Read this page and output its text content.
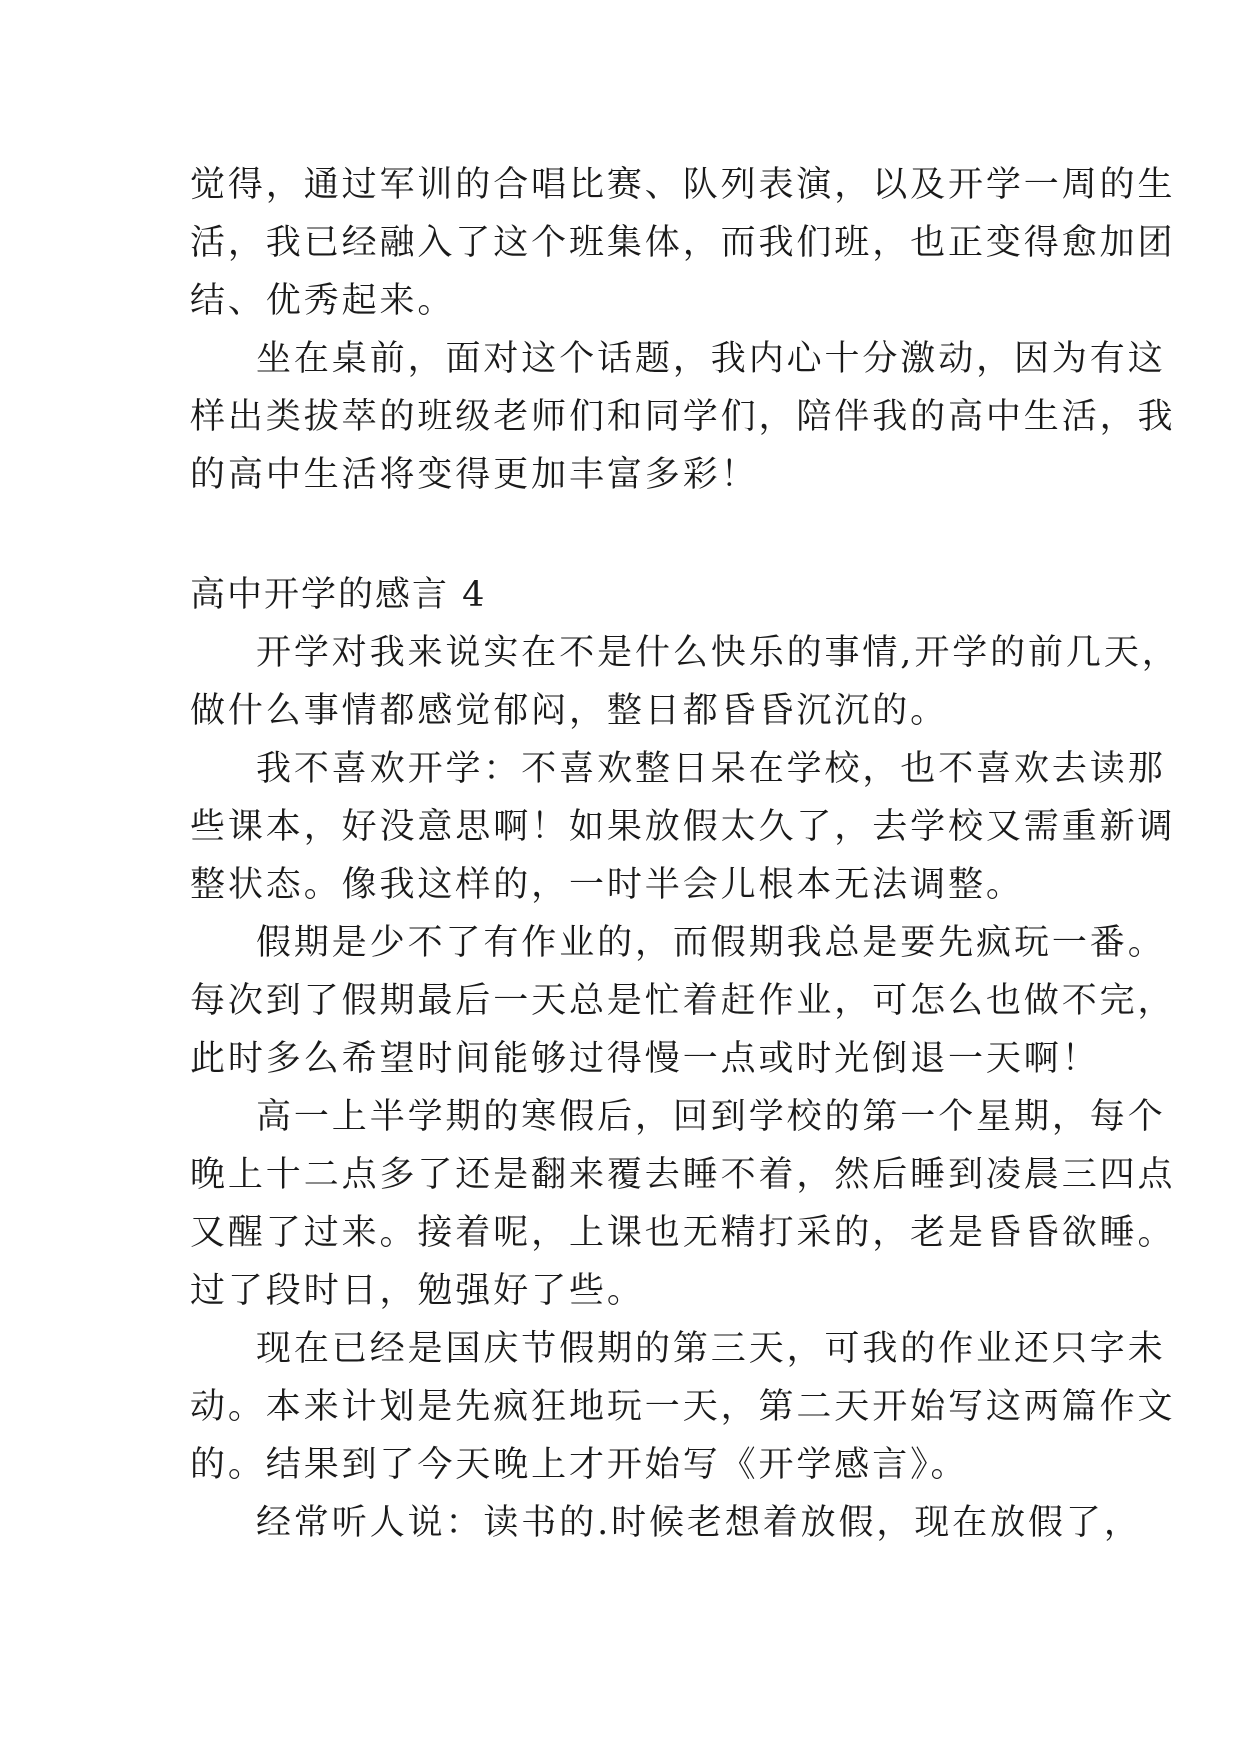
觉得，通过军训的合唱比赛、队列表演，以及开学一周的生
活，我已经融入了这个班集体，而我们班，也正变得愈加团
结、优秀起来。
坐在桌前，面对这个话题，我内心十分激动，因为有这
样出类拔萃的班级老师们和同学们，陪伴我的高中生活，我
的高中生活将变得更加丰富多彩！
高中开学的感言 4
开学对我来说实在不是什么快乐的事情,开学的前几天，
做什么事情都感觉郁闷，整日都昏昏沉沉的。
我不喜欢开学：不喜欢整日呆在学校，也不喜欢去读那
些课本，好没意思啊！如果放假太久了，去学校又需重新调
整状态。像我这样的，一时半会儿根本无法调整。
假期是少不了有作业的，而假期我总是要先疯玩一番。
每次到了假期最后一天总是忙着赶作业，可怎么也做不完，
此时多么希望时间能够过得慢一点或时光倒退一天啊！
高一上半学期的寒假后，回到学校的第一个星期，每个
晚上十二点多了还是翻来覆去睡不着，然后睡到凌晨三四点
又醒了过来。接着呢，上课也无精打采的，老是昏昏欲睡。
过了段时日，勉强好了些。
现在已经是国庆节假期的第三天，可我的作业还只字未
动。本来计划是先疯狂地玩一天，第二天开始写这两篇作文
的。结果到了今天晚上才开始写《开学感言》。
经常听人说：读书的.时候老想着放假，现在放假了，
